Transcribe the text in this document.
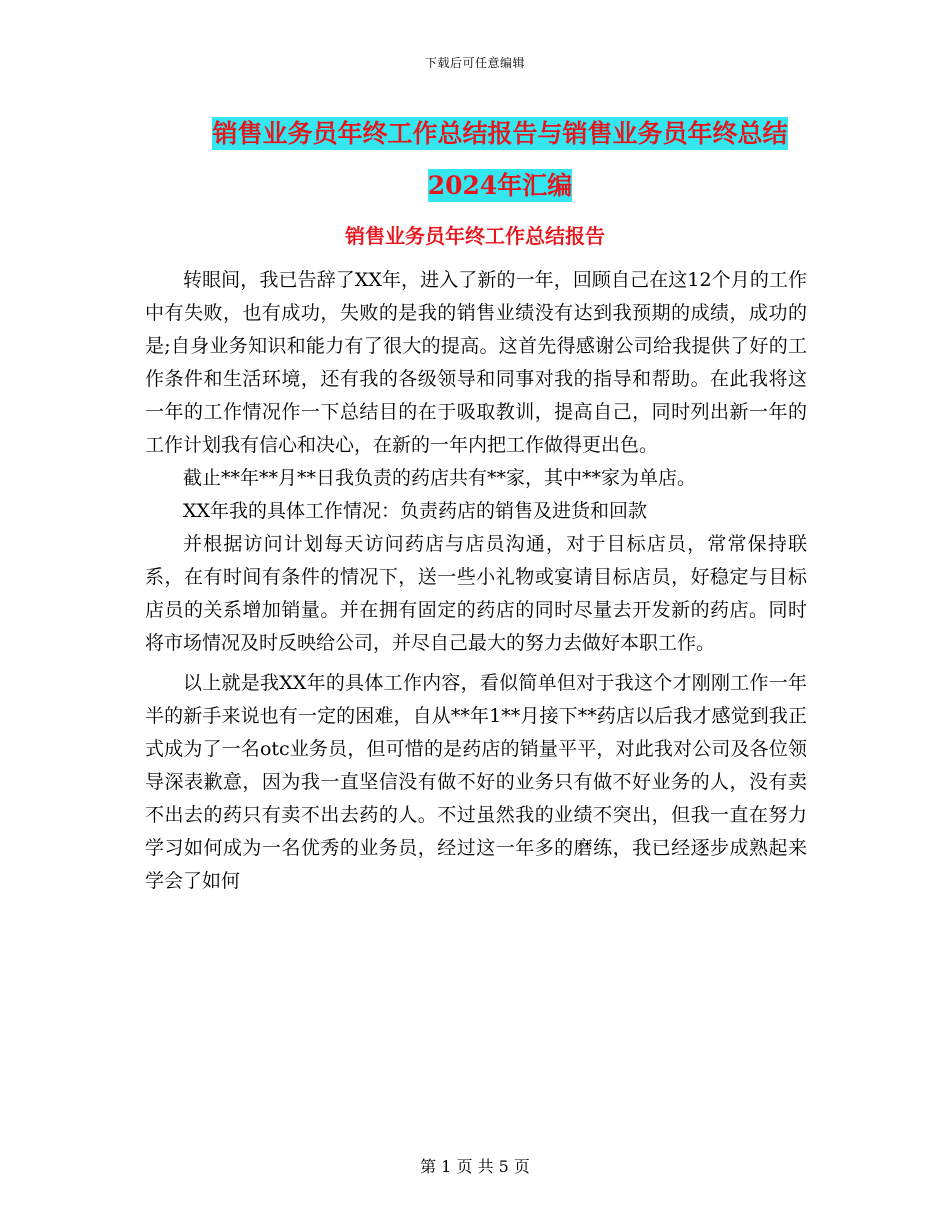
下载后可任意编辑
销售业务员年终工作总结报告与销售业务员年终总结
2024年汇编
销售业务员年终工作总结报告

转眼间，我已告辞了XX年，进入了新的一年，回顾自己在这12个月的工作中有失败，也有成功，失败的是我的销售业绩没有达到我预期的成绩，成功的是;自身业务知识和能力有了很大的提高。这首先得感谢公司给我提供了好的工作条件和生活环境，还有我的各级领导和同事对我的指导和帮助。在此我将这一年的工作情况作一下总结目的在于吸取教训，提高自己，同时列出新一年的工作计划我有信心和决心，在新的一年内把工作做得更出色。

截止**年**月**日我负责的药店共有**家，其中**家为单店。

XX年我的具体工作情况：负责药店的销售及进货和回款

并根据访问计划每天访问药店与店员沟通，对于目标店员，常常保持联系，在有时间有条件的情况下，送一些小礼物或宴请目标店员，好稳定与目标店员的关系增加销量。并在拥有固定的药店的同时尽量去开发新的药店。同时将市场情况及时反映给公司，并尽自己最大的努力去做好本职工作。

以上就是我XX年的具体工作内容，看似简单但对于我这个才刚刚工作一年半的新手来说也有一定的困难，自从**年1**月接下**药店以后我才感觉到我正式成为了一名otc业务员，但可惜的是药店的销量平平，对此我对公司及各位领导深表歉意，因为我一直坚信没有做不好的业务只有做不好业务的人，没有卖不出去的药只有卖不出去药的人。不过虽然我的业绩不突出，但我一直在努力学习如何成为一名优秀的业务员，经过这一年多的磨练，我已经逐步成熟起来学会了如何

第 1 页 共 5 页
